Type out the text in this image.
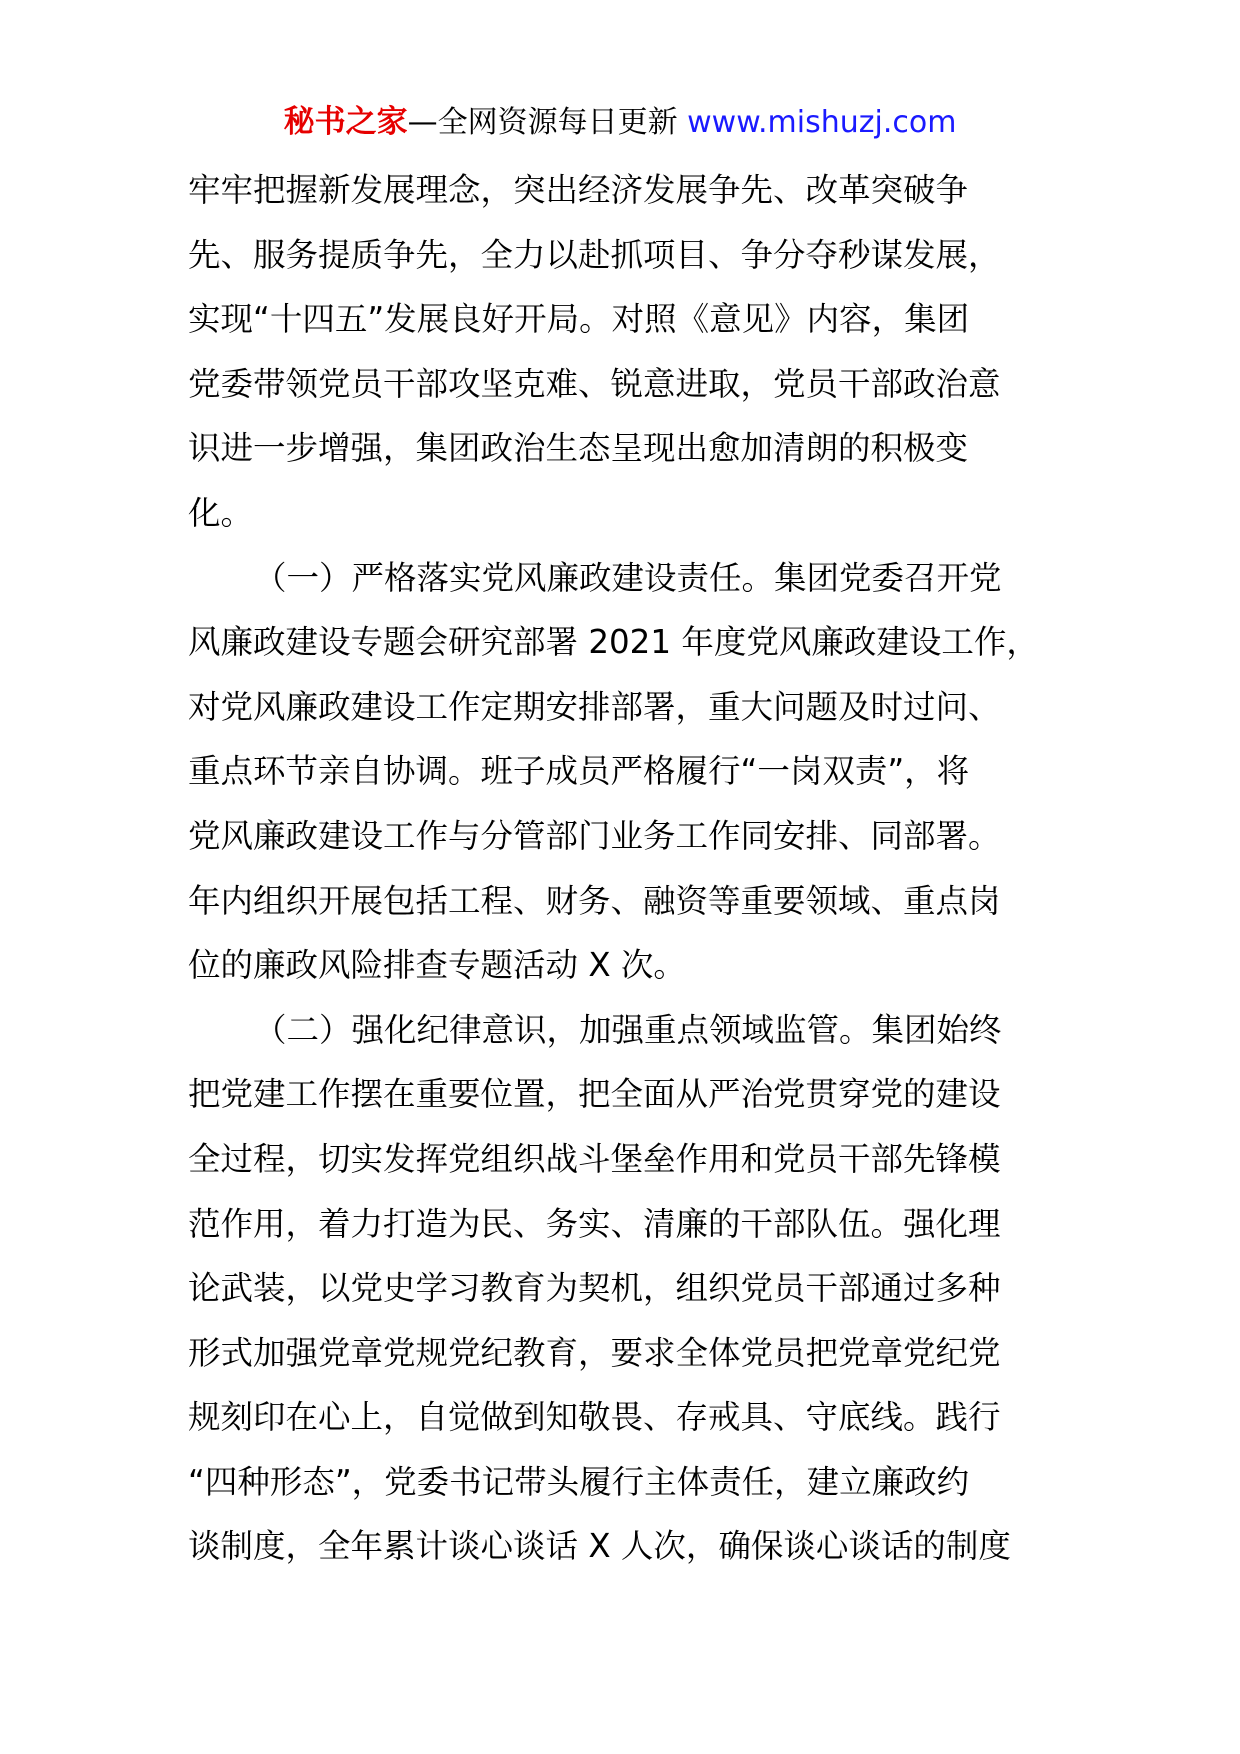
秘书之家—全网资源每日更新 www.mishuzj.com
牢牢把握新发展理念，突出经济发展争先、改革突破争
先、服务提质争先，全力以赴抓项目、争分夺秒谋发展，
实现“十四五”发展良好开局。对照《意见》内容，集团
党委带领党员干部攻坚克难、锐意进取，党员干部政治意
识进一步增强，集团政治生态呈现出愈加清朗的积极变
化。
（一）严格落实党风廉政建设责任。集团党委召开党
风廉政建设专题会研究部署 2021 年度党风廉政建设工作，
对党风廉政建设工作定期安排部署，重大问题及时过问、
重点环节亲自协调。班子成员严格履行“一岗双责”，将
党风廉政建设工作与分管部门业务工作同安排、同部署。
年内组织开展包括工程、财务、融资等重要领域、重点岗
位的廉政风险排查专题活动 X 次。
（二）强化纪律意识，加强重点领域监管。集团始终
把党建工作摆在重要位置，把全面从严治党贯穿党的建设
全过程，切实发挥党组织战斗堡垒作用和党员干部先锋模
范作用，着力打造为民、务实、清廉的干部队伍。强化理
论武装，以党史学习教育为契机，组织党员干部通过多种
形式加强党章党规党纪教育，要求全体党员把党章党纪党
规刻印在心上，自觉做到知敬畏、存戒具、守底线。践行
“四种形态”，党委书记带头履行主体责任，建立廉政约
谈制度，全年累计谈心谈话 X 人次，确保谈心谈话的制度
